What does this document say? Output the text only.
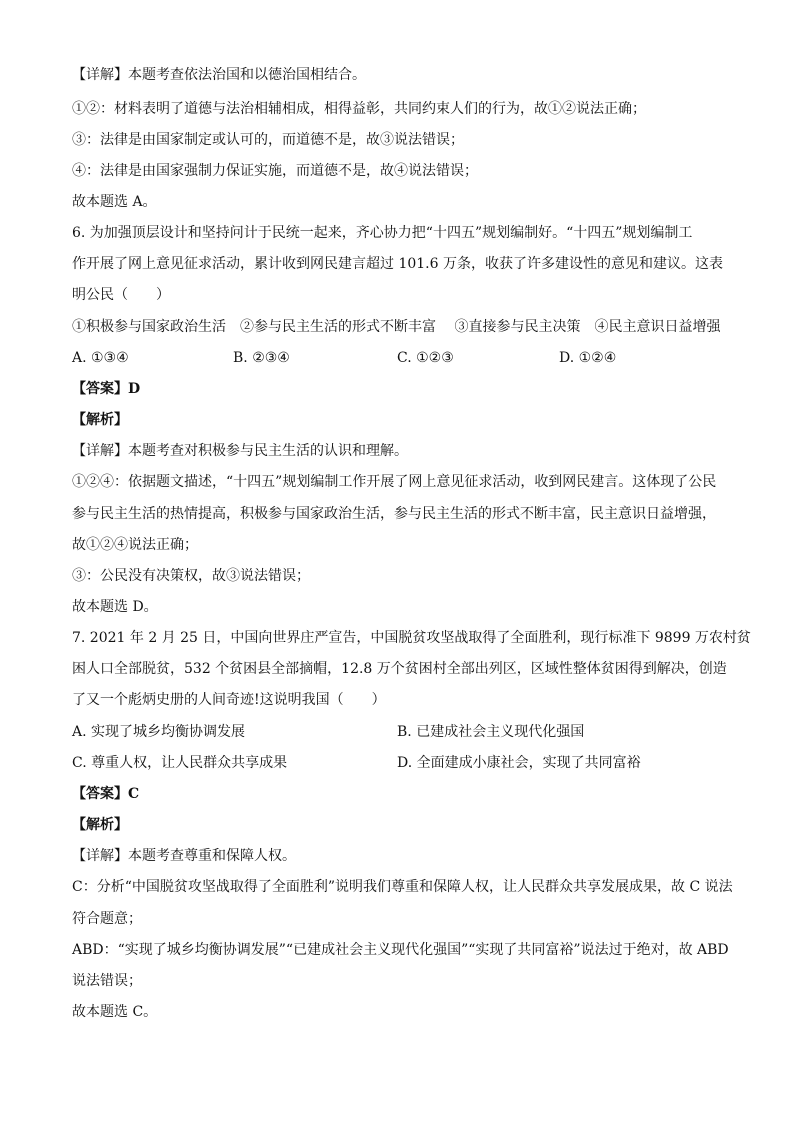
【详解】本题考查依法治国和以德治国相结合。
①②：材料表明了道德与法治相辅相成，相得益彰，共同约束人们的行为，故①②说法正确；
③：法律是由国家制定或认可的，而道德不是，故③说法错误；
④：法律是由国家强制力保证实施，而道德不是，故④说法错误；
故本题选 A。
6. 为加强顶层设计和坚持问计于民统一起来，齐心协力把“十四五”规划编制好。“十四五”规划编制工
作开展了网上意见征求活动，累计收到网民建言超过 101.6 万条，收获了许多建设性的意见和建议。这表
明公民（　　）
①积极参与国家政治生活　②参与民主生活的形式不断丰富　 ③直接参与民主决策　④民主意识日益增强
A. ①③④	B. ②③④	C. ①②③	D. ①②④
【答案】D
【解析】
【详解】本题考查对积极参与民主生活的认识和理解。
①②④：依据题文描述，“十四五”规划编制工作开展了网上意见征求活动，收到网民建言。这体现了公民
参与民主生活的热情提高，积极参与国家政治生活，参与民主生活的形式不断丰富，民主意识日益增强，
故①②④说法正确；
③：公民没有决策权，故③说法错误；
故本题选 D。
7. 2021 年 2 月 25 日，中国向世界庄严宣告，中国脱贫攻坚战取得了全面胜利，现行标准下 9899 万农村贫
困人口全部脱贫，532 个贫困县全部摘帽，12.8 万个贫困村全部出列区，区域性整体贫困得到解决，创造
了又一个彪炳史册的人间奇迹!这说明我国（　　）
A. 实现了城乡均衡协调发展	B. 已建成社会主义现代化强国
C. 尊重人权，让人民群众共享成果	D. 全面建成小康社会，实现了共同富裕
【答案】C
【解析】
【详解】本题考查尊重和保障人权。
C：分析“中国脱贫攻坚战取得了全面胜利”说明我们尊重和保障人权，让人民群众共享发展成果，故 C 说法
符合题意；
ABD：“实现了城乡均衡协调发展”“已建成社会主义现代化强国”“实现了共同富裕”说法过于绝对，故 ABD
说法错误；
故本题选 C。
